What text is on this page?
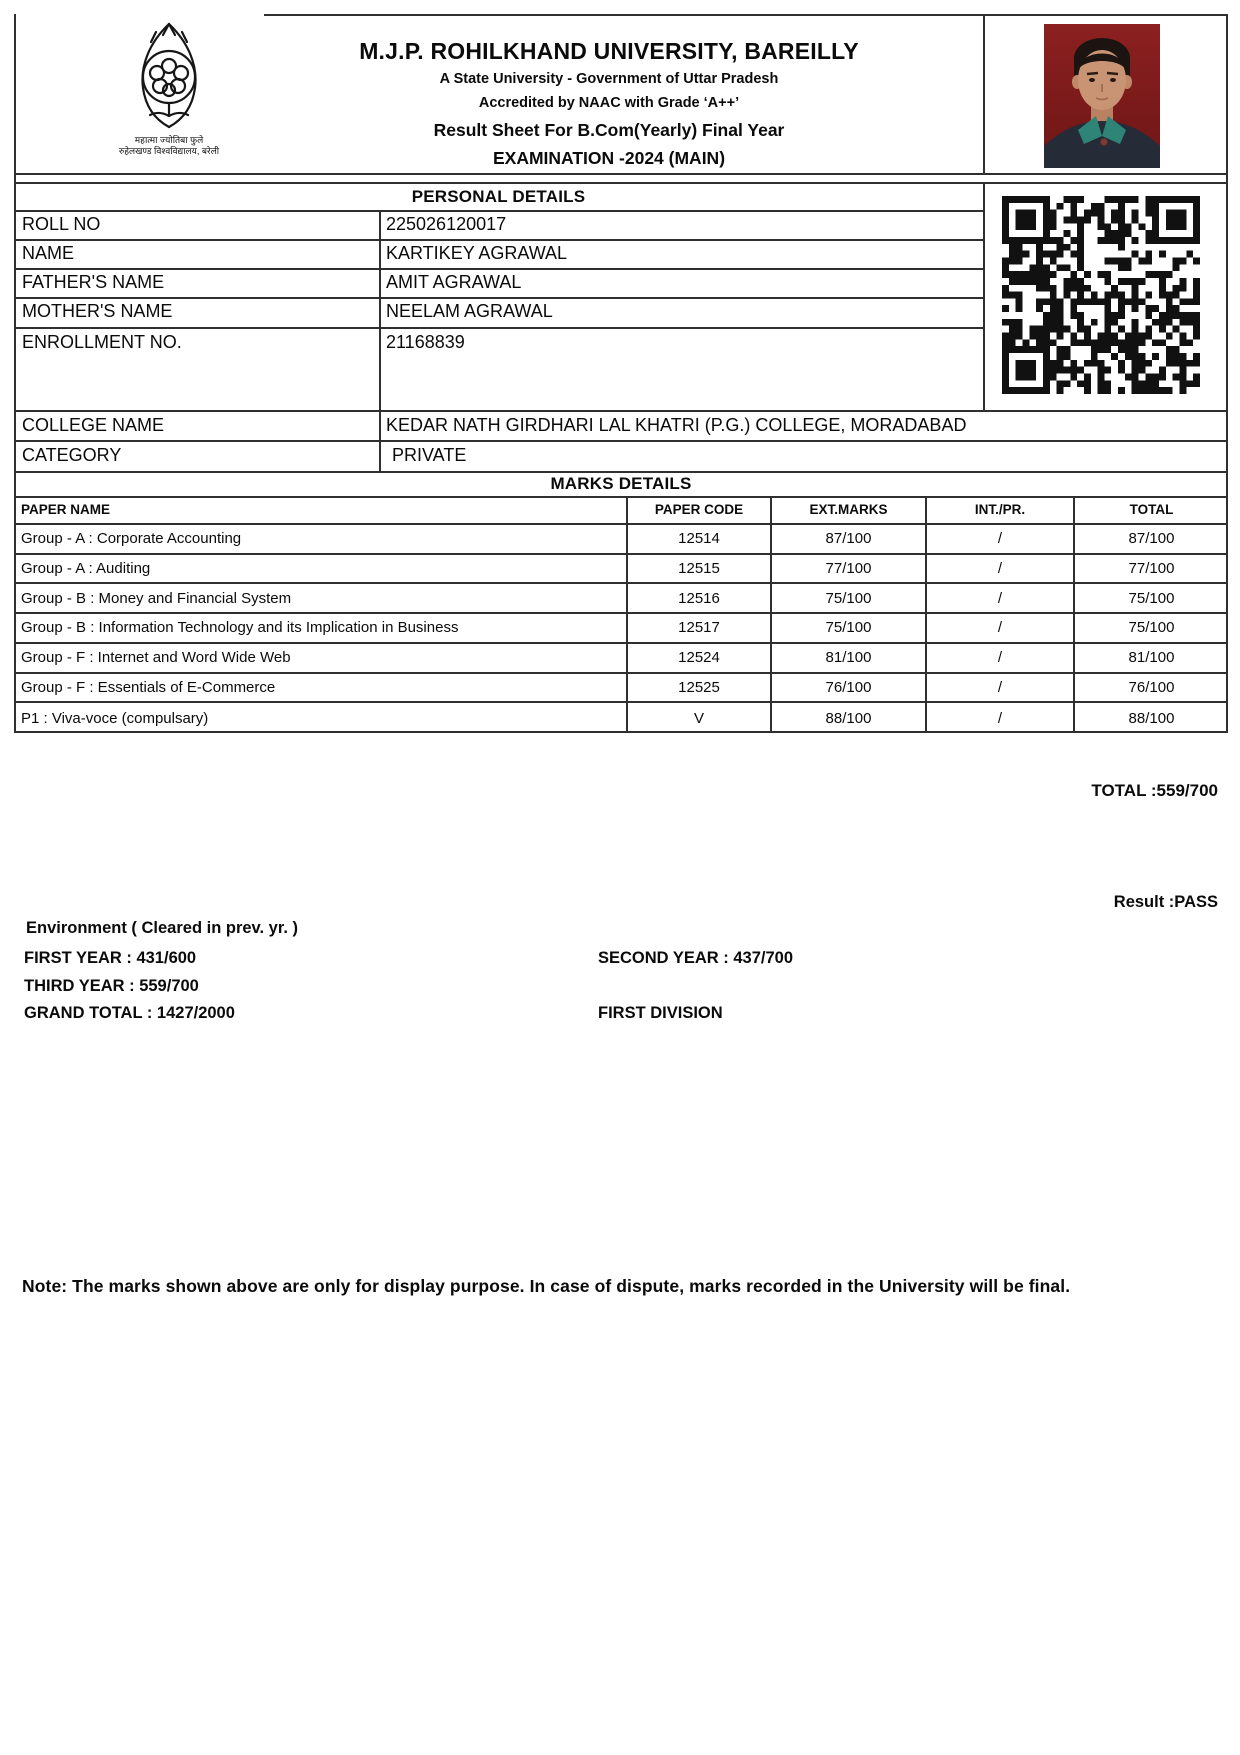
महात्मा ज्योतिबा फुले
रुहेलखण्ड विश्वविद्यालय, बरेली
M.J.P. ROHILKHAND UNIVERSITY, BAREILLY
A State University - Government of Uttar Pradesh
Accredited by NAAC with Grade ‘A++’
Result Sheet For B.Com(Yearly) Final Year
EXAMINATION -2024 (MAIN)
PERSONAL DETAILS
ROLL NO	225026120017
NAME	KARTIKEY AGRAWAL
FATHER'S NAME	AMIT AGRAWAL
MOTHER'S NAME	NEELAM AGRAWAL
ENROLLMENT NO.	21168839
COLLEGE NAME	KEDAR NATH GIRDHARI LAL KHATRI (P.G.) COLLEGE, MORADABAD
CATEGORY	PRIVATE
MARKS DETAILS
PAPER NAME	PAPER CODE	EXT.MARKS	INT./PR.	TOTAL
Group - A : Corporate Accounting	12514	87/100	/	87/100
Group - A : Auditing	12515	77/100	/	77/100
Group - B : Money and Financial System	12516	75/100	/	75/100
Group - B : Information Technology and its Implication in Business	12517	75/100	/	75/100
Group - F : Internet and Word Wide Web	12524	81/100	/	81/100
Group - F : Essentials of E-Commerce	12525	76/100	/	76/100
P1 : Viva-voce (compulsary)	V	88/100	/	88/100
TOTAL :559/700
Result :PASS
Environment ( Cleared in prev. yr. )
FIRST YEAR : 431/600	SECOND YEAR : 437/700
THIRD YEAR : 559/700
GRAND TOTAL : 1427/2000	FIRST DIVISION
Note: The marks shown above are only for display purpose. In case of dispute, marks recorded in the University will be final.
